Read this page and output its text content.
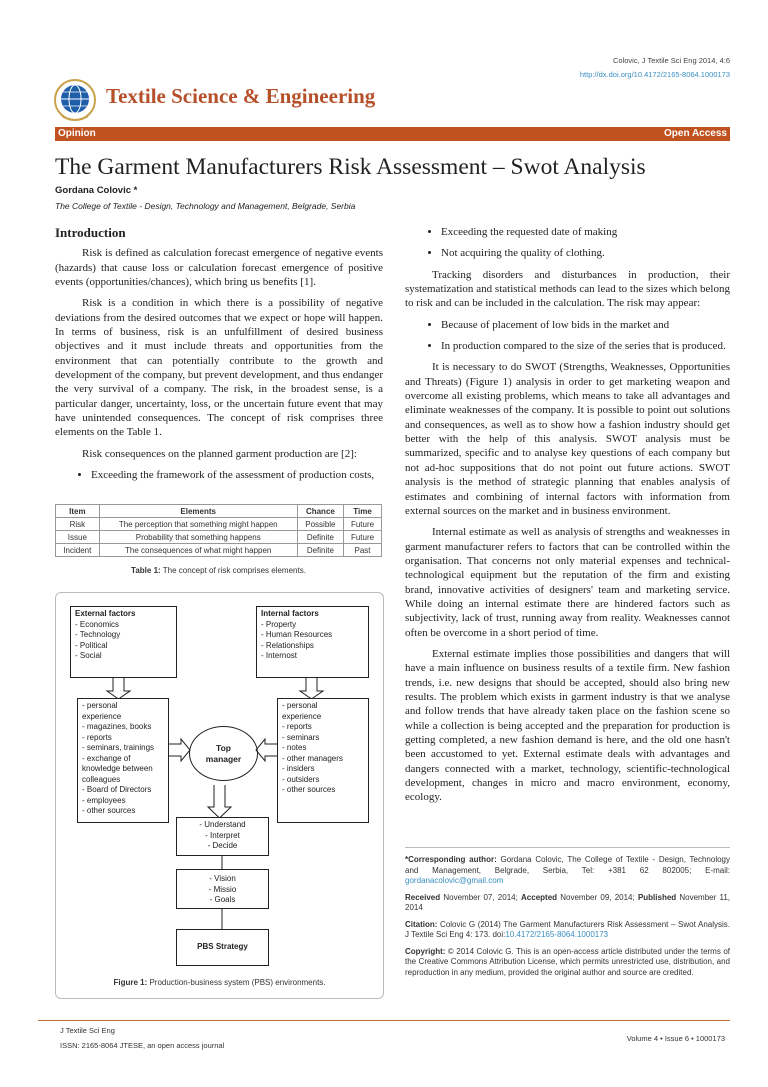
Colovic, J Textile Sci Eng 2014, 4:6
http://dx.doi.org/10.4172/2165-8064.1000173
Textile Science & Engineering
Opinion	Open Access
The Garment Manufacturers Risk Assessment – Swot Analysis
Gordana Colovic *
The College of Textile - Design, Technology and Management, Belgrade, Serbia
Introduction

Risk is defined as calculation forecast emergence of negative events (hazards) that cause loss or calculation forecast emergence of positive events (opportunities/chances), which bring us benefits [1].

Risk is a condition in which there is a possibility of negative deviations from the desired outcomes that we expect or hope will happen. In terms of business, risk is an unfulfillment of desired business objectives and it must include threats and opportunities from the environment that can potentially contribute to the growth and development of the company, but prevent development, and thus endanger the very survival of a company. The risk, in the broadest sense, is a particular danger, uncertainty, loss, or the uncertain future event that may have unintended consequences. The concept of risk comprises three elements on the Table 1.

Risk consequences on the planned garment production are [2]:

• Exceeding the framework of the assessment of production costs,
Item	Elements	Chance	Time
Risk	The perception that something might happen	Possible	Future
Issue	Probability that something happens	Definite	Future
Incident	The consequences of what might happen	Definite	Past
Table 1: The concept of risk comprises elements.
External factors
- Economics
- Technology
- Political
- Social
Internal factors
- Property
- Human Resources
- Relationships
- Internost
- personal
experience
- magazines, books
- reports
- seminars, trainings
- exchange of
knowledge between
colleagues
- Board of Directors
- employees
- other sources
- personal
experience
- reports
- seminars
- notes
- other managers
- insiders
- outsiders
- other sources
Top
manager
- Understand
- Interpret
- Decide
- Vision
- Missio
- Goals
PBS Strategy
Figure 1: Production-business system (PBS) environments.
• Exceeding the requested date of making
• Not acquiring the quality of clothing.

Tracking disorders and disturbances in production, their systematization and statistical methods can lead to the sizes which belong to risk and can be included in the calculation. The risk may appear:

• Because of placement of low bids in the market and
• In production compared to the size of the series that is produced.

It is necessary to do SWOT (Strengths, Weaknesses, Opportunities and Threats) (Figure 1) analysis in order to get marketing weapon and overcome all existing problems, which means to take all advantages and eliminate weaknesses of the company. It is possible to point out solutions and consequences, as well as to show how a fashion industry should get better with the help of this analysis. SWOT analysis must be summarized, specific and to analyse key questions of each company but not ad-hoc suppositions that do not point out future actions. SWOT analysis is the method of strategic planning that enables analysis of estimates and combining of internal factors with information from external sources on the market and in business environment.

Internal estimate as well as analysis of strengths and weaknesses in garment manufacturer refers to factors that can be controlled within the organisation. That concerns not only material expenses and technical-technological equipment but the reputation of the firm and existing brand, innovative activities of designers' team and marketing service. While doing an internal estimate there are hindered factors such as subjectivity, lack of trust, running away from reality. Weaknesses cannot often be overcome in a short period of time.

External estimate implies those possibilities and dangers that will have a main influence on business results of a textile firm. New fashion trends, i.e. new designs that should be accepted, should also bring new results. The problem which exists in garment industry is that we analyse and follow trends that have already taken place on the fashion scene so while a collection is being accepted and the preparation for production is getting completed, a new fashion demand is here, and the old one hasn't been accustomed to yet. External estimate deals with advantages and dangers connected with a market, technology, scientific-technological development, changes in micro and macro environment, economy, ecology.

*Corresponding author: Gordana Colovic, The College of Textile - Design, Technology and Management, Belgrade, Serbia, Tel: +381 62 802005; E-mail: gordanacolovic@gmail.com

Received November 07, 2014; Accepted November 09, 2014; Published November 11, 2014

Citation: Colovic G (2014) The Garment Manufacturers Risk Assessment – Swot Analysis. J Textile Sci Eng 4: 173. doi:10.4172/2165-8064.1000173

Copyright: © 2014 Colovic G. This is an open-access article distributed under the terms of the Creative Commons Attribution License, which permits unrestricted use, distribution, and reproduction in any medium, provided the original author and source are credited.

J Textile Sci Eng
ISSN: 2165-8064 JTESE, an open access journal
Volume 4 • Issue 6 • 1000173
